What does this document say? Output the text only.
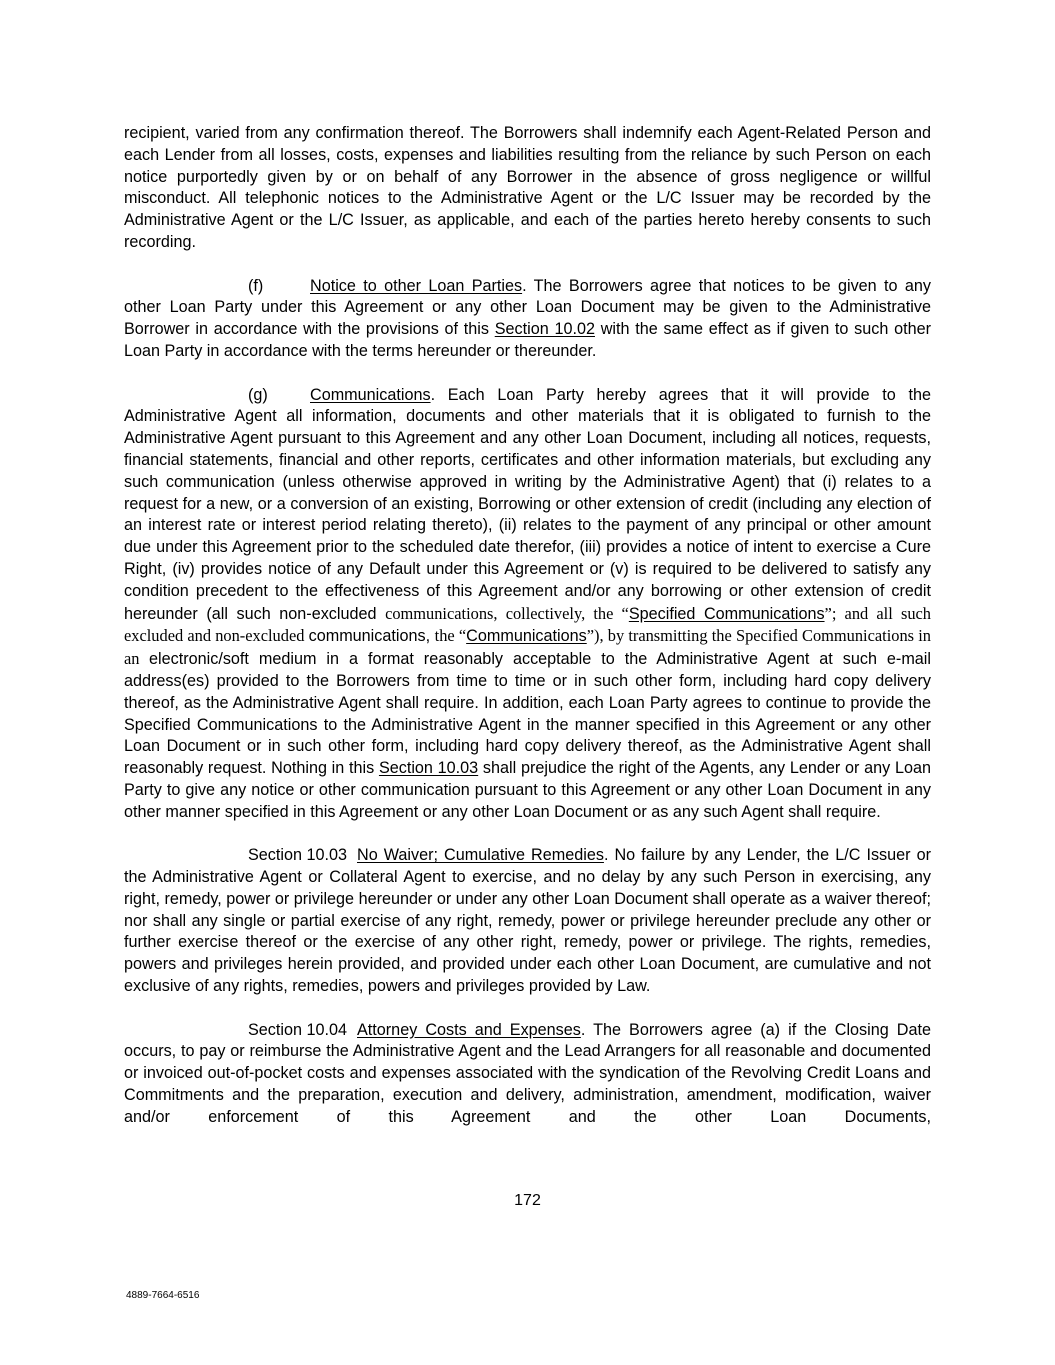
recipient, varied from any confirmation thereof. The Borrowers shall indemnify each Agent-Related Person and each Lender from all losses, costs, expenses and liabilities resulting from the reliance by such Person on each notice purportedly given by or on behalf of any Borrower in the absence of gross negligence or willful misconduct. All telephonic notices to the Administrative Agent or the L/C Issuer may be recorded by the Administrative Agent or the L/C Issuer, as applicable, and each of the parties hereto hereby consents to such recording.

(f)	Notice to other Loan Parties. The Borrowers agree that notices to be given to any other Loan Party under this Agreement or any other Loan Document may be given to the Administrative Borrower in accordance with the provisions of this Section 10.02 with the same effect as if given to such other Loan Party in accordance with the terms hereunder or thereunder.

(g)	Communications. Each Loan Party hereby agrees that it will provide to the Administrative Agent all information, documents and other materials that it is obligated to furnish to the Administrative Agent pursuant to this Agreement and any other Loan Document, including all notices, requests, financial statements, financial and other reports, certificates and other information materials, but excluding any such communication (unless otherwise approved in writing by the Administrative Agent) that (i) relates to a request for a new, or a conversion of an existing, Borrowing or other extension of credit (including any election of an interest rate or interest period relating thereto), (ii) relates to the payment of any principal or other amount due under this Agreement prior to the scheduled date therefor, (iii) provides a notice of intent to exercise a Cure Right, (iv) provides notice of any Default under this Agreement or (v) is required to be delivered to satisfy any condition precedent to the effectiveness of this Agreement and/or any borrowing or other extension of credit hereunder (all such non-excluded communications, collectively, the “Specified Communications”; and all such excluded and non-excluded communications, the “Communications”), by transmitting the Specified Communications in an electronic/soft medium in a format reasonably acceptable to the Administrative Agent at such e-mail address(es) provided to the Borrowers from time to time or in such other form, including hard copy delivery thereof, as the Administrative Agent shall require. In addition, each Loan Party agrees to continue to provide the Specified Communications to the Administrative Agent in the manner specified in this Agreement or any other Loan Document or in such other form, including hard copy delivery thereof, as the Administrative Agent shall reasonably request. Nothing in this Section 10.03 shall prejudice the right of the Agents, any Lender or any Loan Party to give any notice or other communication pursuant to this Agreement or any other Loan Document in any other manner specified in this Agreement or any other Loan Document or as any such Agent shall require.

Section 10.03 No Waiver; Cumulative Remedies. No failure by any Lender, the L/C Issuer or the Administrative Agent or Collateral Agent to exercise, and no delay by any such Person in exercising, any right, remedy, power or privilege hereunder or under any other Loan Document shall operate as a waiver thereof; nor shall any single or partial exercise of any right, remedy, power or privilege hereunder preclude any other or further exercise thereof or the exercise of any other right, remedy, power or privilege. The rights, remedies, powers and privileges herein provided, and provided under each other Loan Document, are cumulative and not exclusive of any rights, remedies, powers and privileges provided by Law.

Section 10.04 Attorney Costs and Expenses. The Borrowers agree (a) if the Closing Date occurs, to pay or reimburse the Administrative Agent and the Lead Arrangers for all reasonable and documented or invoiced out-of-pocket costs and expenses associated with the syndication of the Revolving Credit Loans and Commitments and the preparation, execution and delivery, administration, amendment, modification, waiver and/or enforcement of this Agreement and the other Loan Documents,

172
4889-7664-6516
